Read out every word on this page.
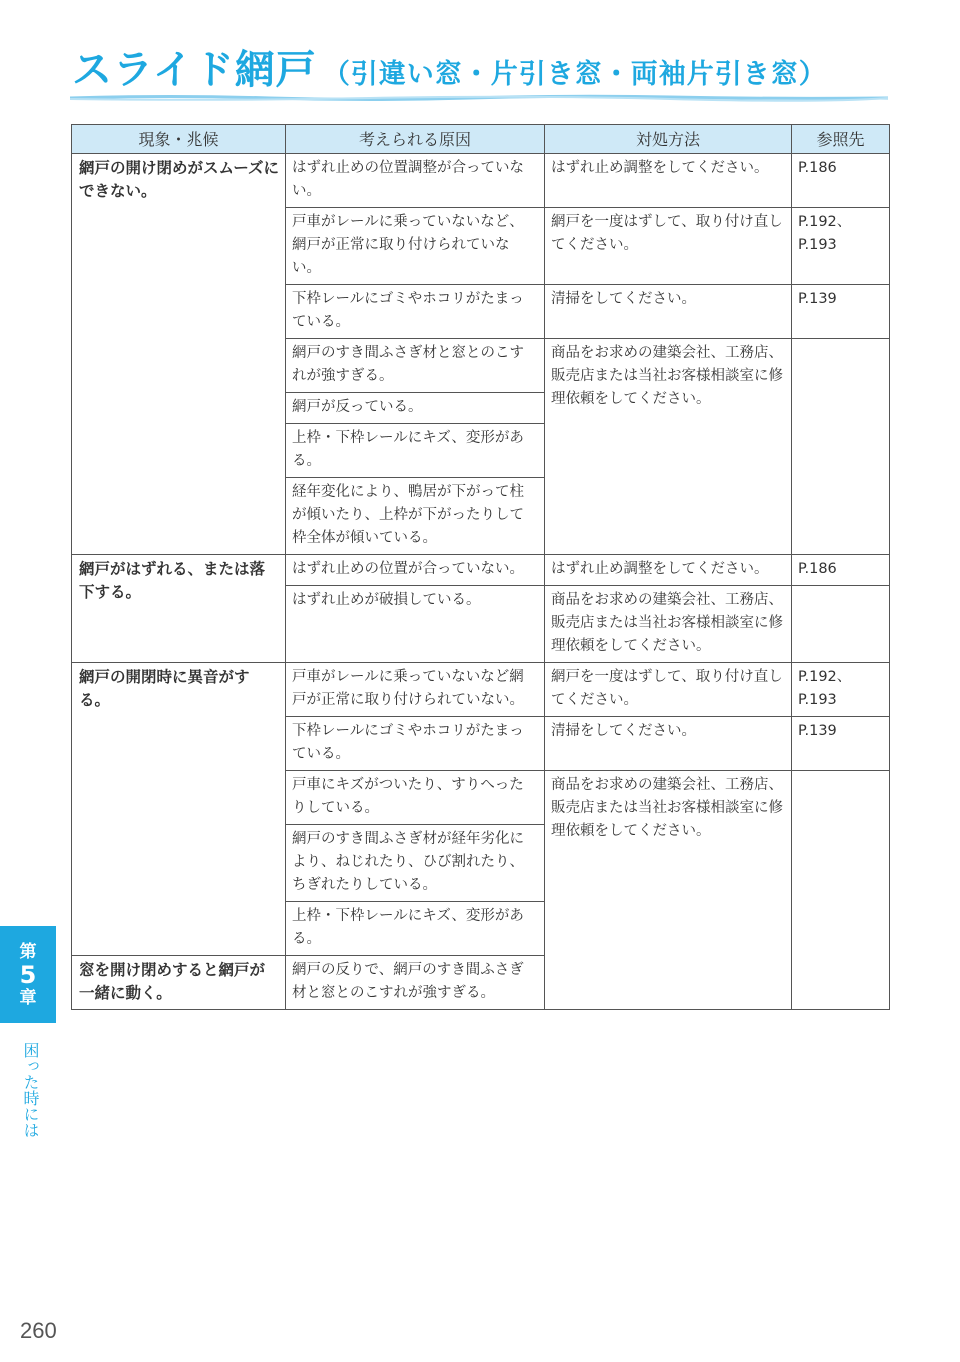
スライド網戸 （引違い窓・片引き窓・両袖片引き窓）
現象・兆候	考えられる原因	対処方法	参照先
網戸の開け閉めがスムーズにできない。	はずれ止めの位置調整が合っていない。	はずれ止め調整をしてください。	P.186
	戸車がレールに乗っていないなど、網戸が正常に取り付けられていない。	網戸を一度はずして、取り付け直してください。	P.192、
P.193
	下枠レールにゴミやホコリがたまっている。	清掃をしてください。	P.139
	網戸のすき間ふさぎ材と窓とのこすれが強すぎる。	商品をお求めの建築会社、工務店、販売店または当社お客様相談室に修理依頼をしてください。	
	網戸が反っている。		
	上枠・下枠レールにキズ、変形がある。		
	経年変化により、鴨居が下がって柱が傾いたり、上枠が下がったりして枠全体が傾いている。		
網戸がはずれる、または落下する。	はずれ止めの位置が合っていない。	はずれ止め調整をしてください。	P.186
	はずれ止めが破損している。	商品をお求めの建築会社、工務店、販売店または当社お客様相談室に修理依頼をしてください。	
網戸の開閉時に異音がする。	戸車がレールに乗っていないなど網戸が正常に取り付けられていない。	網戸を一度はずして、取り付け直してください。	P.192、
P.193
	下枠レールにゴミやホコリがたまっている。	清掃をしてください。	P.139
	戸車にキズがついたり、すりへったりしている。	商品をお求めの建築会社、工務店、販売店または当社お客様相談室に修理依頼をしてください。	
	網戸のすき間ふさぎ材が経年劣化により、ねじれたり、ひび割れたり、ちぎれたりしている。		
	上枠・下枠レールにキズ、変形がある。		
窓を開け閉めすると網戸が一緒に動く。	網戸の反りで、網戸のすき間ふさぎ材と窓とのこすれが強すぎる。		
第
5
章
困った時には
260
